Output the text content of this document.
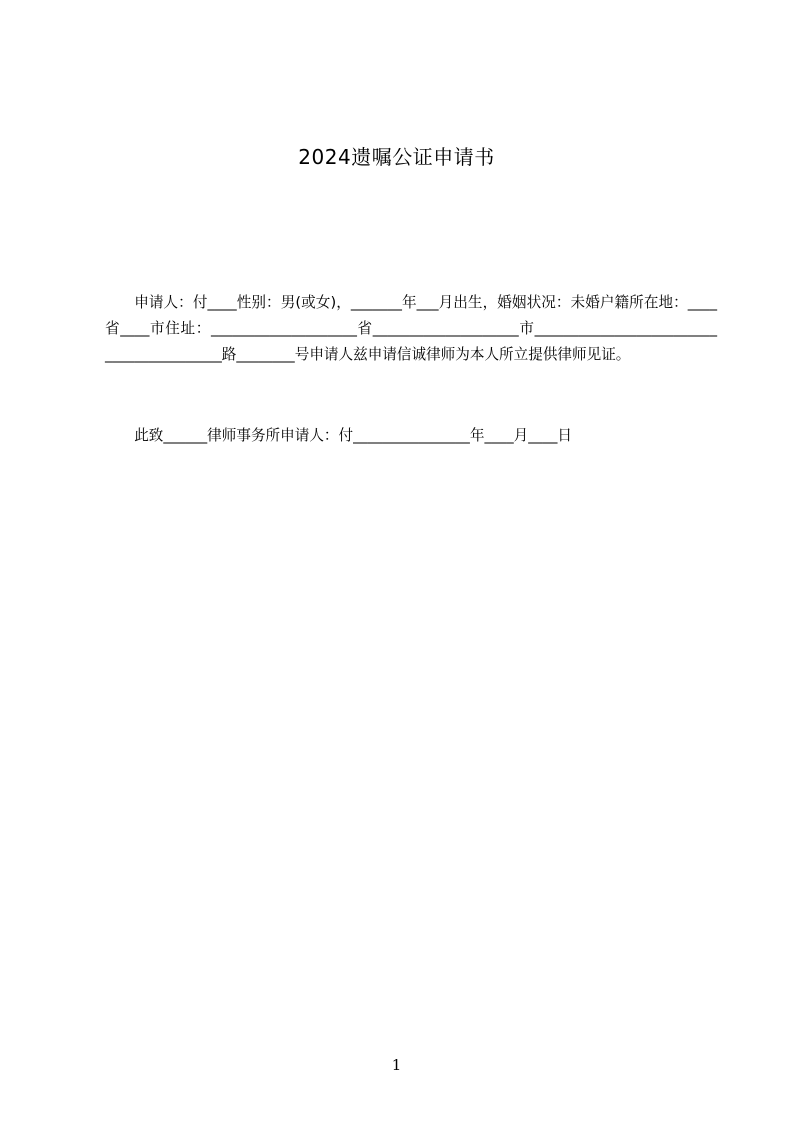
2024遗嘱公证申请书
申请人：付____性别：男(或女)，_______年___月出生，婚姻状况：未婚户籍所在地：____省____市住址：____________________省____________________市_________________________________________路________号申请人兹申请信诚律师为本人所立提供律师见证。
此致______律师事务所申请人：付________________年____月____日
1
